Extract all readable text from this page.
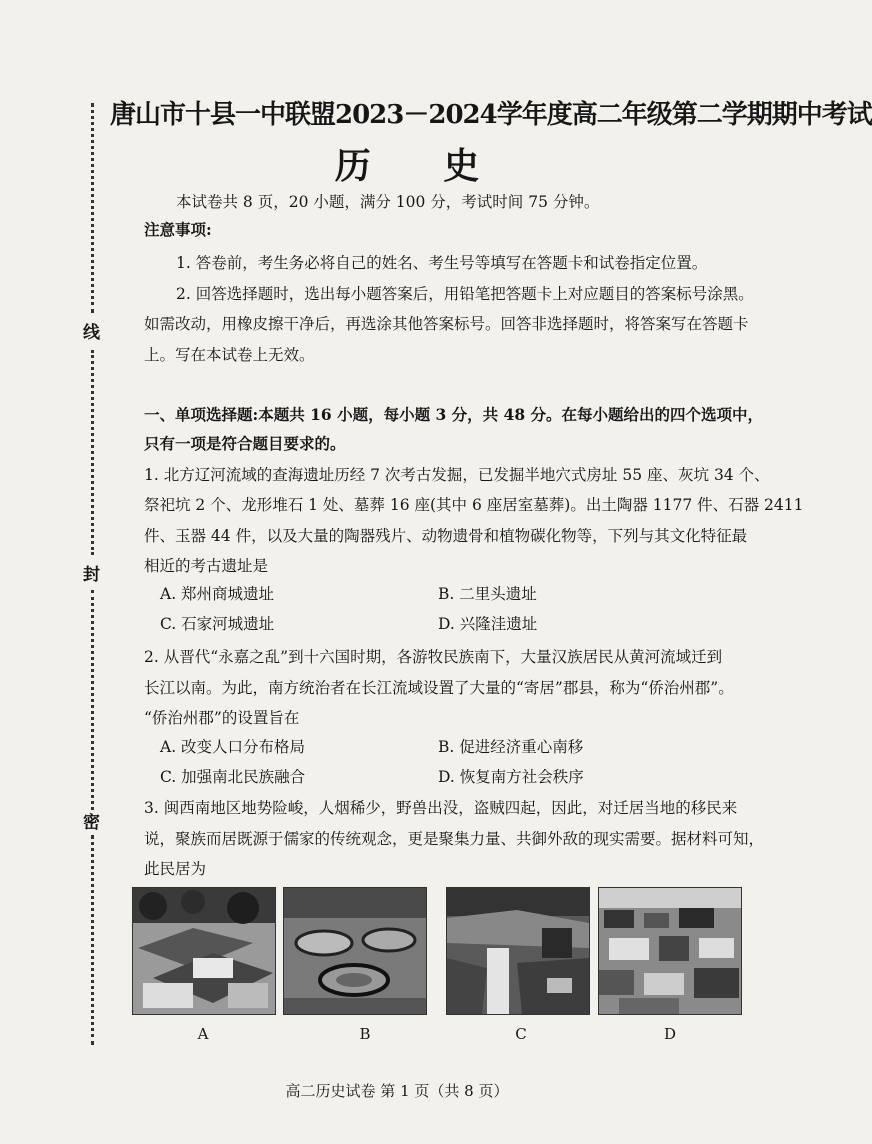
线
封
密
唐山市十县一中联盟2023－2024学年度高二年级第二学期期中考试
历 史
本试卷共 8 页，20 小题，满分 100 分，考试时间 75 分钟。
注意事项:
1. 答卷前，考生务必将自己的姓名、考生号等填写在答题卡和试卷指定位置。
2. 回答选择题时，选出每小题答案后，用铅笔把答题卡上对应题目的答案标号涂黑。
如需改动，用橡皮擦干净后，再选涂其他答案标号。回答非选择题时，将答案写在答题卡
上。写在本试卷上无效。
一、单项选择题:本题共 16 小题，每小题 3 分，共 48 分。在每小题给出的四个选项中，
只有一项是符合题目要求的。
1. 北方辽河流域的查海遗址历经 7 次考古发掘，已发掘半地穴式房址 55 座、灰坑 34 个、
祭祀坑 2 个、龙形堆石 1 处、墓葬 16 座(其中 6 座居室墓葬)。出土陶器 1177 件、石器 2411
件、玉器 44 件，以及大量的陶器残片、动物遗骨和植物碳化物等，下列与其文化特征最
相近的考古遗址是
A. 郑州商城遗址	B. 二里头遗址
C. 石家河城遗址	D. 兴隆洼遗址
2. 从晋代“永嘉之乱”到十六国时期，各游牧民族南下，大量汉族居民从黄河流域迁到
长江以南。为此，南方统治者在长江流域设置了大量的“寄居”郡县，称为“侨治州郡”。
“侨治州郡”的设置旨在
A. 改变人口分布格局	B. 促进经济重心南移
C. 加强南北民族融合	D. 恢复南方社会秩序
3. 闽西南地区地势险峻，人烟稀少，野兽出没，盗贼四起，因此，对迁居当地的移民来
说，聚族而居既源于儒家的传统观念，更是聚集力量、共御外敌的现实需要。据材料可知，
此民居为
A	B	C	D
高二历史试卷 第 1 页（共 8 页）
